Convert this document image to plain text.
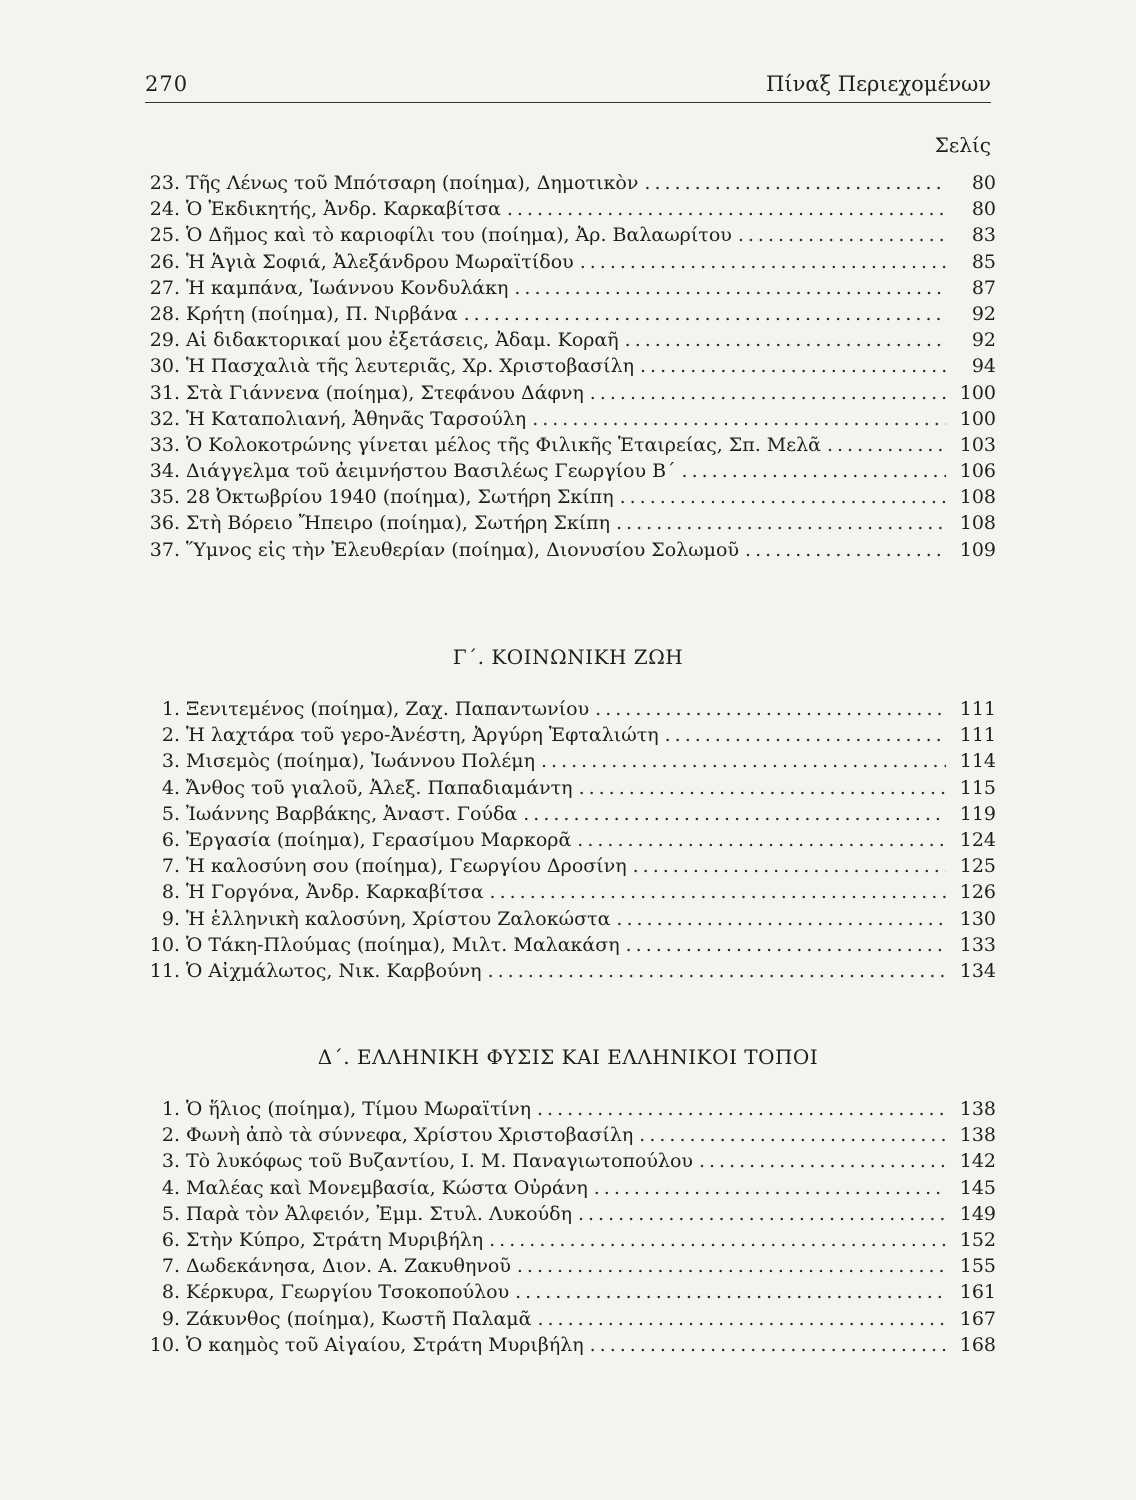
270	Πίναξ Περιεχομένων
Σελίς
23. Τῆς Λένως τοῦ Μπότσαρη (ποίημα), Δημοτικὸν .....	80
24. Ὁ Ἐκδικητής, Ἀνδρ. Καρκαβίτσα .....	80
25. Ὁ Δῆμος καὶ τὸ καριοφίλι του (ποίημα), Ἀρ. Βαλαωρίτου .....	83
26. Ἡ Ἁγιὰ Σοφιά, Ἀλεξάνδρου Μωραϊτίδου .....	85
27. Ἡ καμπάνα, Ἰωάννου Κονδυλάκη .....	87
28. Κρήτη (ποίημα), Π. Νιρβάνα .....	92
29. Αἱ διδακτορικαί μου ἐξετάσεις, Ἀδαμ. Κοραῆ .....	92
30. Ἡ Πασχαλιὰ τῆς λευτεριᾶς, Χρ. Χριστοβασίλη .....	94
31. Στὰ Γιάννενα (ποίημα), Στεφάνου Δάφνη .....	100
32. Ἡ Καταπολιανή, Ἀθηνᾶς Ταρσούλη .....	100
33. Ὁ Κολοκοτρώνης γίνεται μέλος τῆς Φιλικῆς Ἑταιρείας, Σπ. Μελᾶ .....	103
34. Διάγγελμα τοῦ ἀειμνήστου Βασιλέως Γεωργίου Β΄ .....	106
35. 28 Ὀκτωβρίου 1940 (ποίημα), Σωτήρη Σκίπη .....	108
36. Στὴ Βόρειο Ἤπειρο (ποίημα), Σωτήρη Σκίπη .....	108
37. Ὕμνος εἰς τὴν Ἐλευθερίαν (ποίημα), Διονυσίου Σολωμοῦ .....	109
Γ΄. ΚΟΙΝΩΝΙΚΗ ΖΩΗ
1. Ξενιτεμένος (ποίημα), Ζαχ. Παπαντωνίου .....	111
2. Ἡ λαχτάρα τοῦ γερο-Ἀνέστη, Ἀργύρη Ἐφταλιώτη .....	111
3. Μισεμὸς (ποίημα), Ἰωάννου Πολέμη .....	114
4. Ἄνθος τοῦ γιαλοῦ, Ἀλεξ. Παπαδιαμάντη .....	115
5. Ἰωάννης Βαρβάκης, Ἀναστ. Γούδα .....	119
6. Ἐργασία (ποίημα), Γερασίμου Μαρκορᾶ .....	124
7. Ἡ καλοσύνη σου (ποίημα), Γεωργίου Δροσίνη .....	125
8. Ἡ Γοργόνα, Ἀνδρ. Καρκαβίτσα .....	126
9. Ἡ ἑλληνικὴ καλοσύνη, Χρίστου Ζαλοκώστα .....	130
10. Ὁ Τάκη-Πλούμας (ποίημα), Μιλτ. Μαλακάση .....	133
11. Ὁ Αἰχμάλωτος, Νικ. Καρβούνη .....	134
Δ΄. ΕΛΛΗΝΙΚΗ ΦΥΣΙΣ ΚΑΙ ΕΛΛΗΝΙΚΟΙ ΤΟΠΟΙ
1. Ὁ ἥλιος (ποίημα), Τίμου Μωραϊτίνη .....	138
2. Φωνὴ ἀπὸ τὰ σύννεφα, Χρίστου Χριστοβασίλη .....	138
3. Τὸ λυκόφως τοῦ Βυζαντίου, Ι. Μ. Παναγιωτοπούλου .....	142
4. Μαλέας καὶ Μονεμβασία, Κώστα Οὐράνη .....	145
5. Παρὰ τὸν Ἀλφειόν, Ἐμμ. Στυλ. Λυκούδη .....	149
6. Στὴν Κύπρο, Στράτη Μυριβήλη .....	152
7. Δωδεκάνησα, Διον. Α. Ζακυθηνοῦ .....	155
8. Κέρκυρα, Γεωργίου Τσοκοπούλου .....	161
9. Ζάκυνθος (ποίημα), Κωστῆ Παλαμᾶ .....	167
10. Ὁ καημὸς τοῦ Αἰγαίου, Στράτη Μυριβήλη .....	168
